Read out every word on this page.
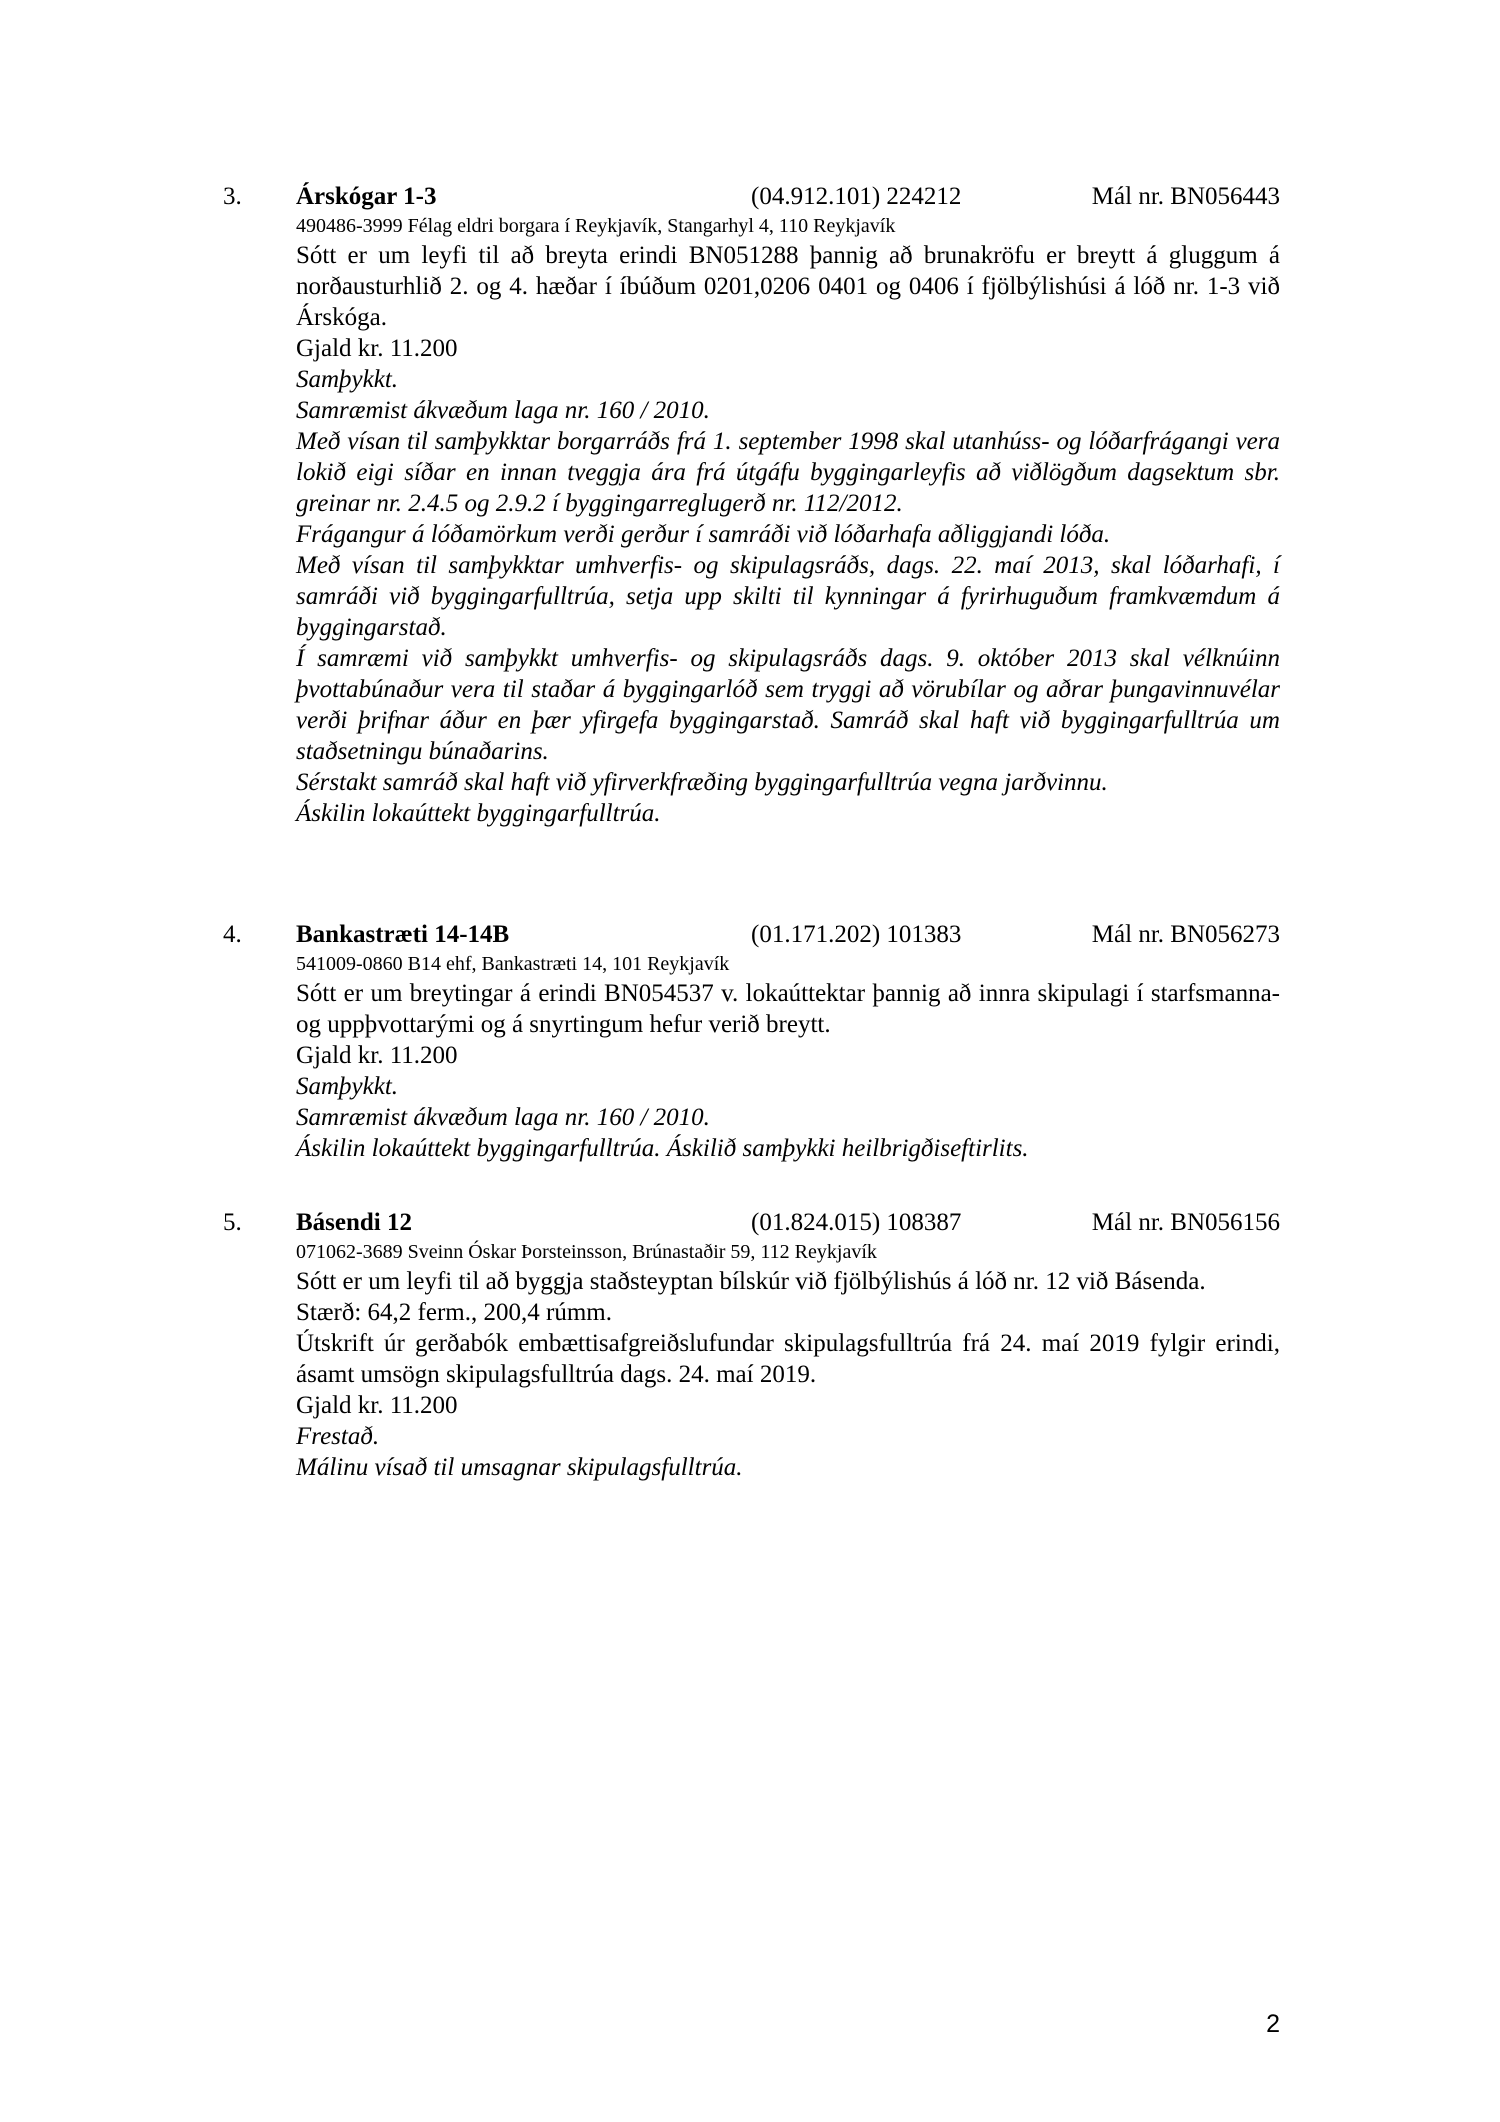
3. Árskógar 1-3	(04.912.101) 224212	Mál nr. BN056443

490486-3999 Félag eldri borgara í Reykjavík, Stangarhyl 4, 110 Reykjavík

Sótt er um leyfi til að breyta erindi BN051288 þannig að brunakröfu er breytt á gluggum á norðausturhlið 2. og 4. hæðar í íbúðum 0201,0206 0401 og 0406 í fjölbýlishúsi á lóð nr. 1-3 við Árskóga.

Gjald kr. 11.200

Samþykkt.

Samræmist ákvæðum laga nr. 160 / 2010.

Með vísan til samþykktar borgarráðs frá 1. september 1998 skal utanhúss- og lóðarfrágangi vera lokið eigi síðar en innan tveggja ára frá útgáfu byggingarleyfis að viðlögðum dagsektum sbr. greinar nr. 2.4.5 og 2.9.2 í byggingarreglugerð nr. 112/2012.

Frágangur á lóðamörkum verði gerður í samráði við lóðarhafa aðliggjandi lóða.

Með vísan til samþykktar umhverfis- og skipulagsráðs, dags. 22. maí 2013, skal lóðarhafi, í samráði við byggingarfulltrúa, setja upp skilti til kynningar á fyrirhuguðum framkvæmdum á byggingarstað.

Í samræmi við samþykkt umhverfis- og skipulagsráðs dags. 9. október 2013 skal vélknúinn þvottabúnaður vera til staðar á byggingarlóð sem tryggi að vörubílar og aðrar þungavinnuvélar verði þrifnar áður en þær yfirgefa byggingarstað. Samráð skal haft við byggingarfulltrúa um staðsetningu búnaðarins.

Sérstakt samráð skal haft við yfirverkfræðing byggingarfulltrúa vegna jarðvinnu.

Áskilin lokaúttekt byggingarfulltrúa.

4. Bankastræti 14-14B	(01.171.202) 101383	Mál nr. BN056273

541009-0860 B14 ehf, Bankastræti 14, 101 Reykjavík

Sótt er um breytingar á erindi BN054537 v. lokaúttektar þannig að innra skipulagi í starfsmanna- og uppþvottarými og á snyrtingum hefur verið breytt.

Gjald kr. 11.200

Samþykkt.

Samræmist ákvæðum laga nr. 160 / 2010.

Áskilin lokaúttekt byggingarfulltrúa. Áskilið samþykki heilbrigðiseftirlits.

5. Básendi 12	(01.824.015) 108387	Mál nr. BN056156

071062-3689 Sveinn Óskar Þorsteinsson, Brúnastaðir 59, 112 Reykjavík

Sótt er um leyfi til að byggja staðsteyptan bílskúr við fjölbýlishús á lóð nr. 12 við Básenda.

Stærð: 64,2 ferm., 200,4 rúmm.

Útskrift úr gerðabók embættisafgreiðslufundar skipulagsfulltrúa frá 24. maí 2019 fylgir erindi, ásamt umsögn skipulagsfulltrúa dags. 24. maí 2019.

Gjald kr. 11.200

Frestað.

Málinu vísað til umsagnar skipulagsfulltrúa.

2
